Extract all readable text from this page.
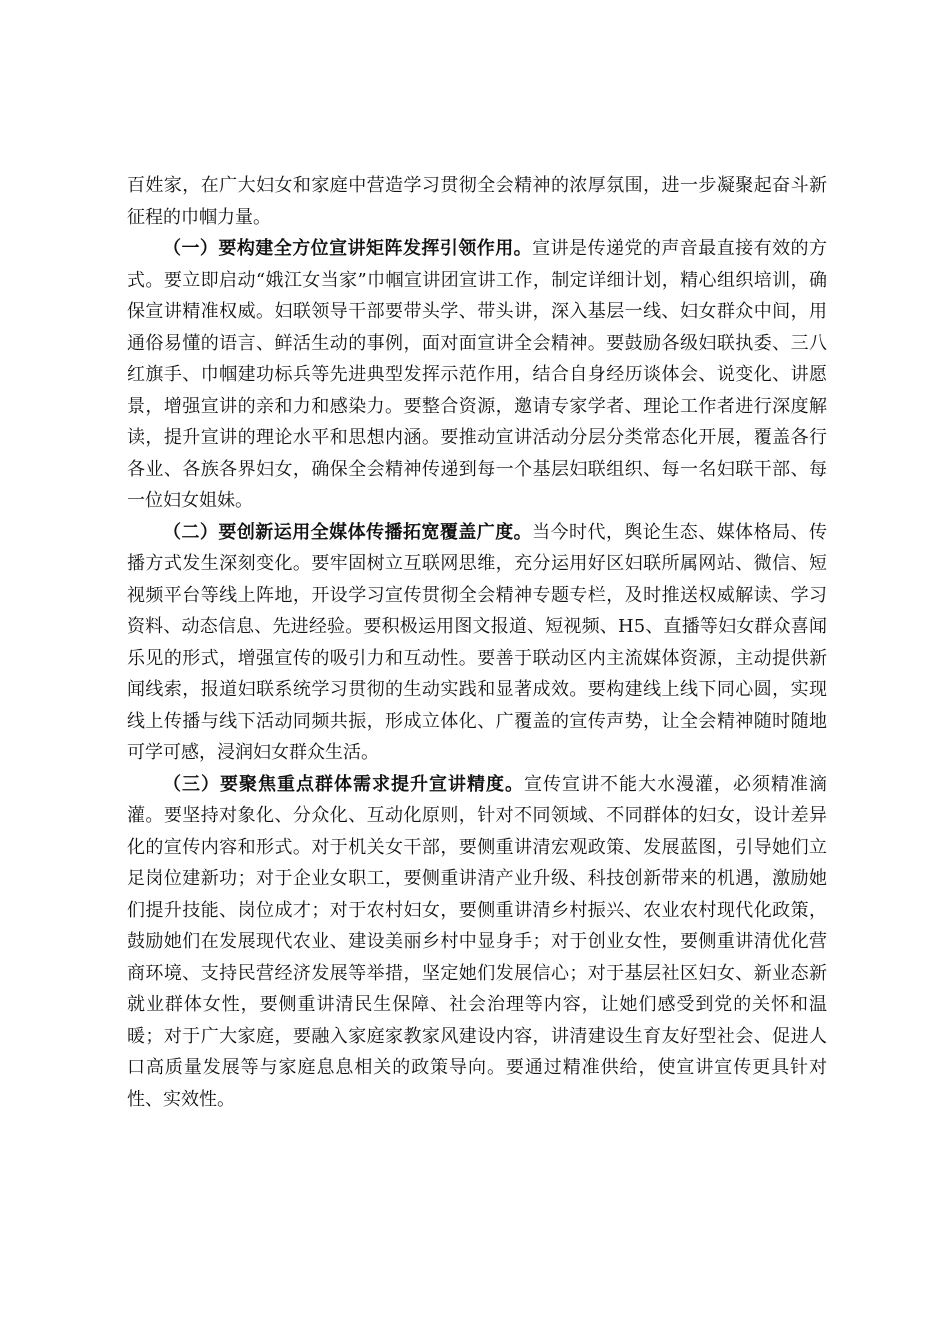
百姓家，在广大妇女和家庭中营造学习贯彻全会精神的浓厚氛围，进一步凝聚起奋斗新征程的巾帼力量。

（一）要构建全方位宣讲矩阵发挥引领作用。宣讲是传递党的声音最直接有效的方式。要立即启动“娥江女当家”巾帼宣讲团宣讲工作，制定详细计划，精心组织培训，确保宣讲精准权威。妇联领导干部要带头学、带头讲，深入基层一线、妇女群众中间，用通俗易懂的语言、鲜活生动的事例，面对面宣讲全会精神。要鼓励各级妇联执委、三八红旗手、巾帼建功标兵等先进典型发挥示范作用，结合自身经历谈体会、说变化、讲愿景，增强宣讲的亲和力和感染力。要整合资源，邀请专家学者、理论工作者进行深度解读，提升宣讲的理论水平和思想内涵。要推动宣讲活动分层分类常态化开展，覆盖各行各业、各族各界妇女，确保全会精神传递到每一个基层妇联组织、每一名妇联干部、每一位妇女姐妹。

（二）要创新运用全媒体传播拓宽覆盖广度。当今时代，舆论生态、媒体格局、传播方式发生深刻变化。要牢固树立互联网思维，充分运用好区妇联所属网站、微信、短视频平台等线上阵地，开设学习宣传贯彻全会精神专题专栏，及时推送权威解读、学习资料、动态信息、先进经验。要积极运用图文报道、短视频、H5、直播等妇女群众喜闻乐见的形式，增强宣传的吸引力和互动性。要善于联动区内主流媒体资源，主动提供新闻线索，报道妇联系统学习贯彻的生动实践和显著成效。要构建线上线下同心圆，实现线上传播与线下活动同频共振，形成立体化、广覆盖的宣传声势，让全会精神随时随地可学可感，浸润妇女群众生活。

（三）要聚焦重点群体需求提升宣讲精度。宣传宣讲不能大水漫灌，必须精准滴灌。要坚持对象化、分众化、互动化原则，针对不同领域、不同群体的妇女，设计差异化的宣传内容和形式。对于机关女干部，要侧重讲清宏观政策、发展蓝图，引导她们立足岗位建新功；对于企业女职工，要侧重讲清产业升级、科技创新带来的机遇，激励她们提升技能、岗位成才；对于农村妇女，要侧重讲清乡村振兴、农业农村现代化政策，鼓励她们在发展现代农业、建设美丽乡村中显身手；对于创业女性，要侧重讲清优化营商环境、支持民营经济发展等举措，坚定她们发展信心；对于基层社区妇女、新业态新就业群体女性，要侧重讲清民生保障、社会治理等内容，让她们感受到党的关怀和温暖；对于广大家庭，要融入家庭家教家风建设内容，讲清建设生育友好型社会、促进人口高质量发展等与家庭息息相关的政策导向。要通过精准供给，使宣讲宣传更具针对性、实效性。
